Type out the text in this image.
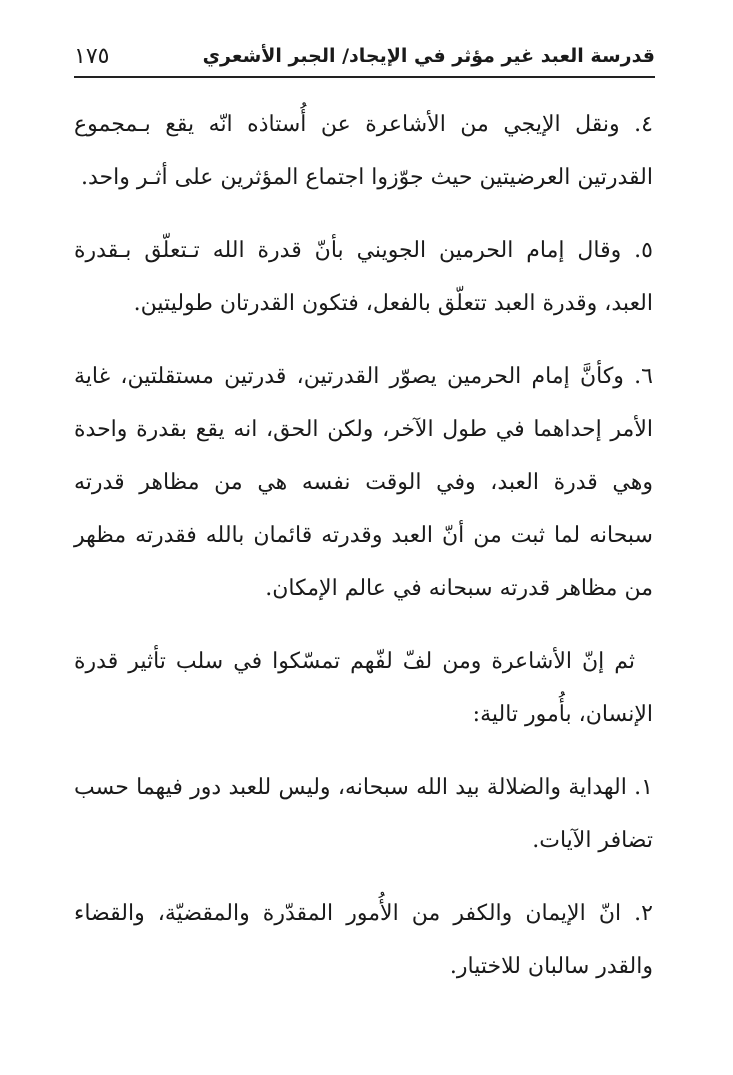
قدرسة العبد غير مؤثر في الإيجاد/ الجبر الأشعري
١٧٥

٤. ونقل الإيجي من الأشاعرة عن أُستاذه انّه يقع بـمجموع القدرتين العرضيتين حيث جوّزوا اجتماع المؤثرين على أثـر واحد.

٥. وقال إمام الحرمين الجويني بأنّ قدرة الله تـتعلّق بـقدرة العبد، وقدرة العبد تتعلّق بالفعل، فتكون القدرتان طوليتين.

٦. وكأنَّ إمام الحرمين يصوّر القدرتين، قدرتين مستقلتين، غاية الأمر إحداهما في طول الآخر، ولكن الحق، انه يقع بقدرة واحدة وهي قدرة العبد، وفي الوقت نفسه هي من مظاهر قدرته سبحانه لما ثبت من أنّ العبد وقدرته قائمان بالله فقدرته مظهر من مظاهر قدرته سبحانه في عالم الإمكان.

ثم إنّ الأشاعرة ومن لفّ لفّهم تمسّكوا في سلب تأثير قدرة الإنسان، بأُمور تالية:

١. الهداية والضلالة بيد الله سبحانه، وليس للعبد دور فيهما حسب تضافر الآيات.

٢. انّ الإيمان والكفر من الأُمور المقدّرة والمقضيّة، والقضاء والقدر سالبان للاختيار.
